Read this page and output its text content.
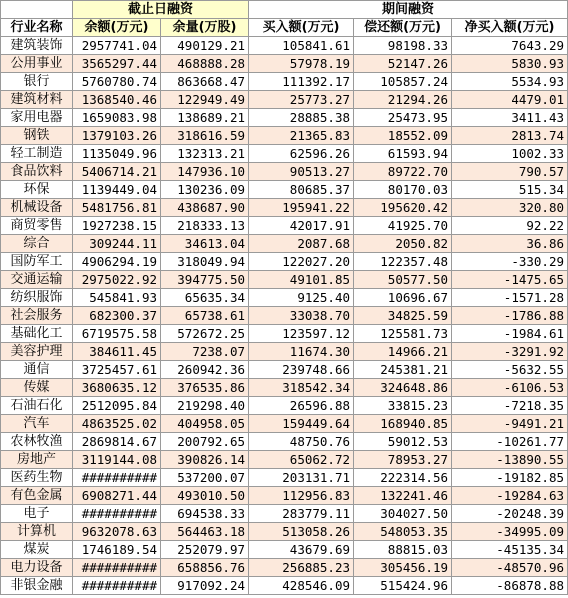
	截止日融资		期间融资		
行业名称	余额(万元)	余量(万股)	买入额(万元)	偿还额(万元)	净买入额(万元)
建筑装饰	2957741.04	490129.21	105841.61	98198.33	7643.29
公用事业	3565297.44	468888.28	57978.19	52147.26	5830.93
银行	5760780.74	863668.47	111392.17	105857.24	5534.93
建筑材料	1368540.46	122949.49	25773.27	21294.26	4479.01
家用电器	1659083.98	138689.21	28885.38	25473.95	3411.43
钢铁	1379103.26	318616.59	21365.83	18552.09	2813.74
轻工制造	1135049.96	132313.21	62596.26	61593.94	1002.33
食品饮料	5406714.21	147936.10	90513.27	89722.70	790.57
环保	1139449.04	130236.09	80685.37	80170.03	515.34
机械设备	5481756.81	438687.90	195941.22	195620.42	320.80
商贸零售	1927238.15	218333.13	42017.91	41925.70	92.22
综合	309244.11	34613.04	2087.68	2050.82	36.86
国防军工	4906294.19	318049.94	122027.20	122357.48	-330.29
交通运输	2975022.92	394775.50	49101.85	50577.50	-1475.65
纺织服饰	545841.93	65635.34	9125.40	10696.67	-1571.28
社会服务	682300.37	65738.61	33038.70	34825.59	-1786.88
基础化工	6719575.58	572672.25	123597.12	125581.73	-1984.61
美容护理	384611.45	7238.07	11674.30	14966.21	-3291.92
通信	3725457.61	260942.36	239748.66	245381.21	-5632.55
传媒	3680635.12	376535.86	318542.34	324648.86	-6106.53
石油石化	2512095.84	219298.40	26596.88	33815.23	-7218.35
汽车	4863525.02	404958.05	159449.64	168940.85	-9491.21
农林牧渔	2869814.67	200792.65	48750.76	59012.53	-10261.77
房地产	3119144.08	390826.14	65062.72	78953.27	-13890.55
医药生物	##########	537200.07	203131.71	222314.56	-19182.85
有色金属	6908271.44	493010.50	112956.83	132241.46	-19284.63
电子	##########	694538.33	283779.11	304027.50	-20248.39
计算机	9632078.63	564463.18	513058.26	548053.35	-34995.09
煤炭	1746189.54	252079.97	43679.69	88815.03	-45135.34
电力设备	##########	658856.76	256885.23	305456.19	-48570.96
非银金融	##########	917092.24	428546.09	515424.96	-86878.88
